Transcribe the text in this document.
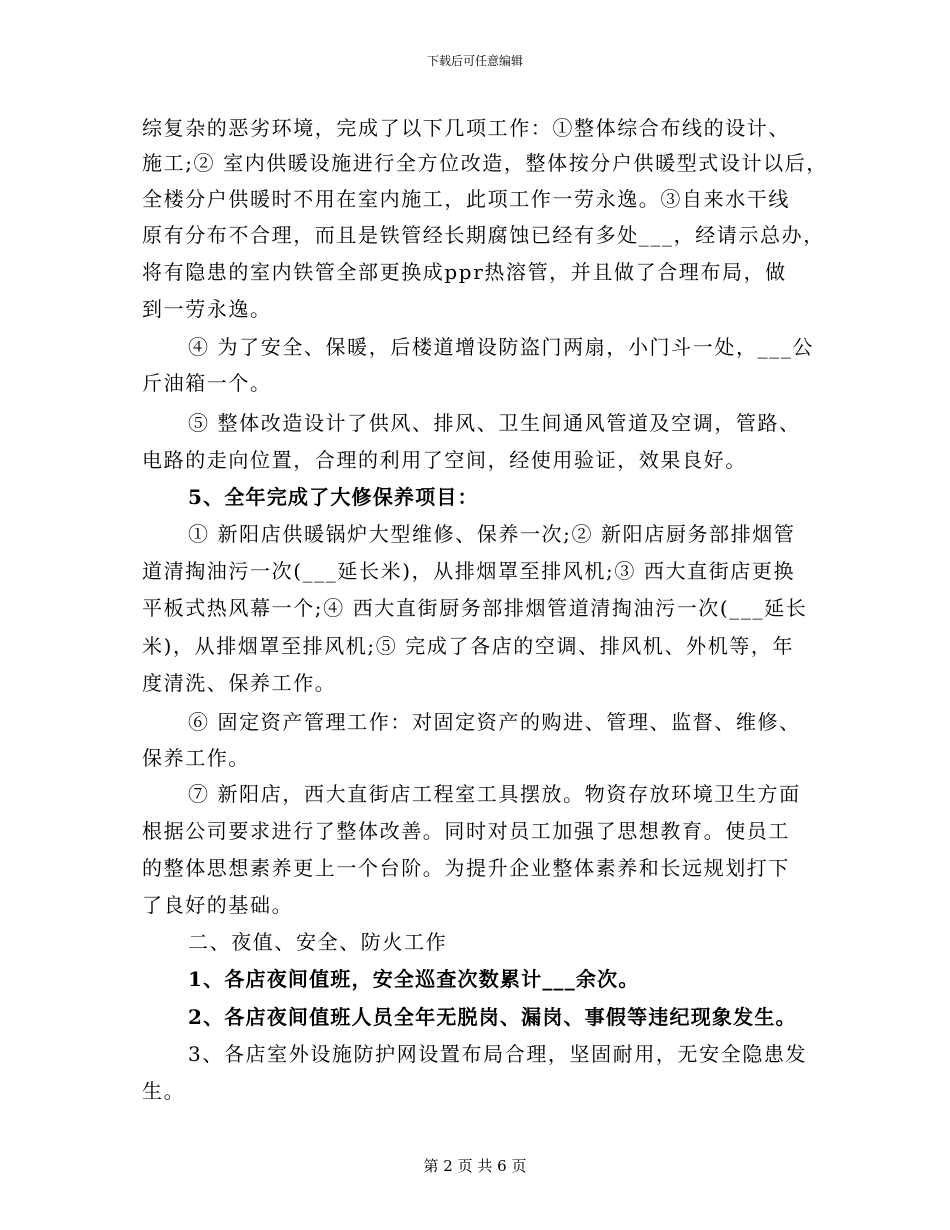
下载后可任意编辑
综复杂的恶劣环境，完成了以下几项工作：①整体综合布线的设计、
施工;② 室内供暖设施进行全方位改造，整体按分户供暖型式设计以后，
全楼分户供暖时不用在室内施工，此项工作一劳永逸。③自来水干线
原有分布不合理，而且是铁管经长期腐蚀已经有多处___，经请示总办，
将有隐患的室内铁管全部更换成ppr热溶管，并且做了合理布局，做
到一劳永逸。
④ 为了安全、保暖，后楼道增设防盗门两扇，小门斗一处，___公
斤油箱一个。
⑤ 整体改造设计了供风、排风、卫生间通风管道及空调，管路、
电路的走向位置，合理的利用了空间，经使用验证，效果良好。
5、全年完成了大修保养项目：
① 新阳店供暖锅炉大型维修、保养一次;② 新阳店厨务部排烟管
道清掏油污一次(___延长米)，从排烟罩至排风机;③ 西大直街店更换
平板式热风幕一个;④ 西大直街厨务部排烟管道清掏油污一次(___延长
米)，从排烟罩至排风机;⑤ 完成了各店的空调、排风机、外机等，年
度清洗、保养工作。
⑥ 固定资产管理工作：对固定资产的购进、管理、监督、维修、
保养工作。
⑦ 新阳店，西大直街店工程室工具摆放。物资存放环境卫生方面
根据公司要求进行了整体改善。同时对员工加强了思想教育。使员工
的整体思想素养更上一个台阶。为提升企业整体素养和长远规划打下
了良好的基础。
二、夜值、安全、防火工作
1、各店夜间值班，安全巡查次数累计___余次。
2、各店夜间值班人员全年无脱岗、漏岗、事假等违纪现象发生。
3、各店室外设施防护网设置布局合理，坚固耐用，无安全隐患发
生。
第 2 页 共 6 页
